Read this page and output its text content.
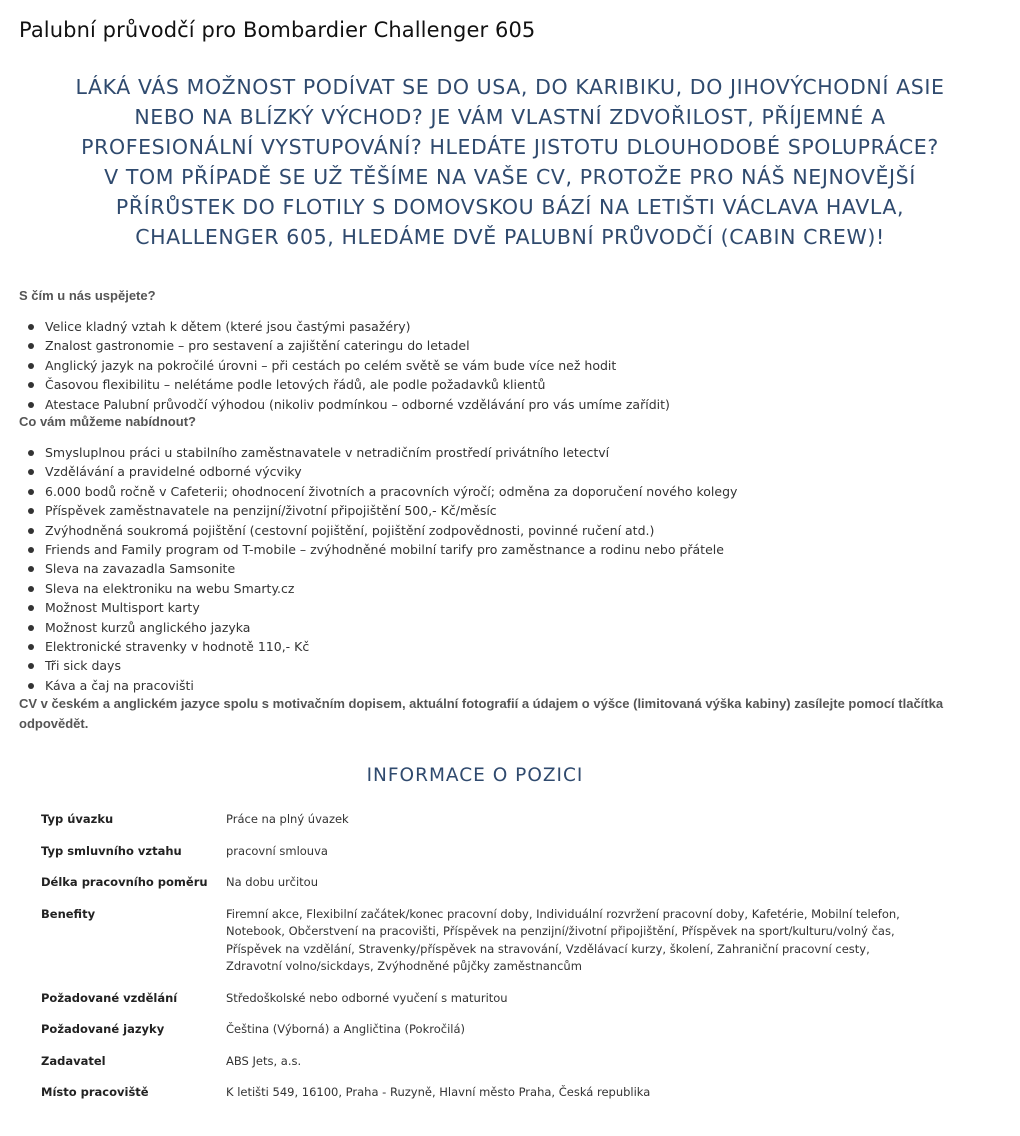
Palubní průvodčí pro Bombardier Challenger 605

LÁKÁ VÁS MOŽNOST PODÍVAT SE DO USA, DO KARIBIKU, DO JIHOVÝCHODNÍ ASIE
NEBO NA BLÍZKÝ VÝCHOD? JE VÁM VLASTNÍ ZDVOŘILOST, PŘÍJEMNÉ A
PROFESIONÁLNÍ VYSTUPOVÁNÍ? HLEDÁTE JISTOTU DLOUHODOBÉ SPOLUPRÁCE?
V TOM PŘÍPADĚ SE UŽ TĚŠÍME NA VAŠE CV, PROTOŽE PRO NÁŠ NEJNOVĚJŠÍ
PŘÍRŮSTEK DO FLOTILY S DOMOVSKOU BÁZÍ NA LETIŠTI VÁCLAVA HAVLA,
CHALLENGER 605, HLEDÁME DVĚ PALUBNÍ PRŮVODČÍ (CABIN CREW)!

S čím u nás uspějete?
Velice kladný vztah k dětem (které jsou častými pasažéry)
Znalost gastronomie – pro sestavení a zajištění cateringu do letadel
Anglický jazyk na pokročilé úrovni – při cestách po celém světě se vám bude více než hodit
Časovou flexibilitu – nelétáme podle letových řádů, ale podle požadavků klientů
Atestace Palubní průvodčí výhodou (nikoliv podmínkou – odborné vzdělávání pro vás umíme zařídit)
Co vám můžeme nabídnout?
Smysluplnou práci u stabilního zaměstnavatele v netradičním prostředí privátního letectví
Vzdělávání a pravidelné odborné výcviky
6.000 bodů ročně v Cafeterii; ohodnocení životních a pracovních výročí; odměna za doporučení nového kolegy
Příspěvek zaměstnavatele na penzijní/životní připojištění 500,- Kč/měsíc
Zvýhodněná soukromá pojištění (cestovní pojištění, pojištění zodpovědnosti, povinné ručení atd.)
Friends and Family program od T-mobile – zvýhodněné mobilní tarify pro zaměstnance a rodinu nebo přátele
Sleva na zavazadla Samsonite
Sleva na elektroniku na webu Smarty.cz
Možnost Multisport karty
Možnost kurzů anglického jazyka
Elektronické stravenky v hodnotě 110,- Kč
Tři sick days
Káva a čaj na pracovišti

CV v českém a anglickém jazyce spolu s motivačním dopisem, aktuální fotografií a údajem o výšce (limitovaná výška kabiny) zasílejte pomocí tlačítka odpovědět.

INFORMACE O POZICI
Typ úvazku	Práce na plný úvazek
Typ smluvního vztahu	pracovní smlouva
Délka pracovního poměru	Na dobu určitou
Benefity	Firemní akce, Flexibilní začátek/konec pracovní doby, Individuální rozvržení pracovní doby, Kafetérie, Mobilní telefon, Notebook, Občerstvení na pracovišti, Příspěvek na penzijní/životní připojištění, Příspěvek na sport/kulturu/volný čas, Příspěvek na vzdělání, Stravenky/příspěvek na stravování, Vzdělávací kurzy, školení, Zahraniční pracovní cesty, Zdravotní volno/sickdays, Zvýhodněné půjčky zaměstnancům
Požadované vzdělání	Středoškolské nebo odborné vyučení s maturitou
Požadované jazyky	Čeština (Výborná) a Angličtina (Pokročilá)
Zadavatel	ABS Jets, a.s.
Místo pracoviště	K letišti 549, 16100, Praha - Ruzyně, Hlavní město Praha, Česká republika
